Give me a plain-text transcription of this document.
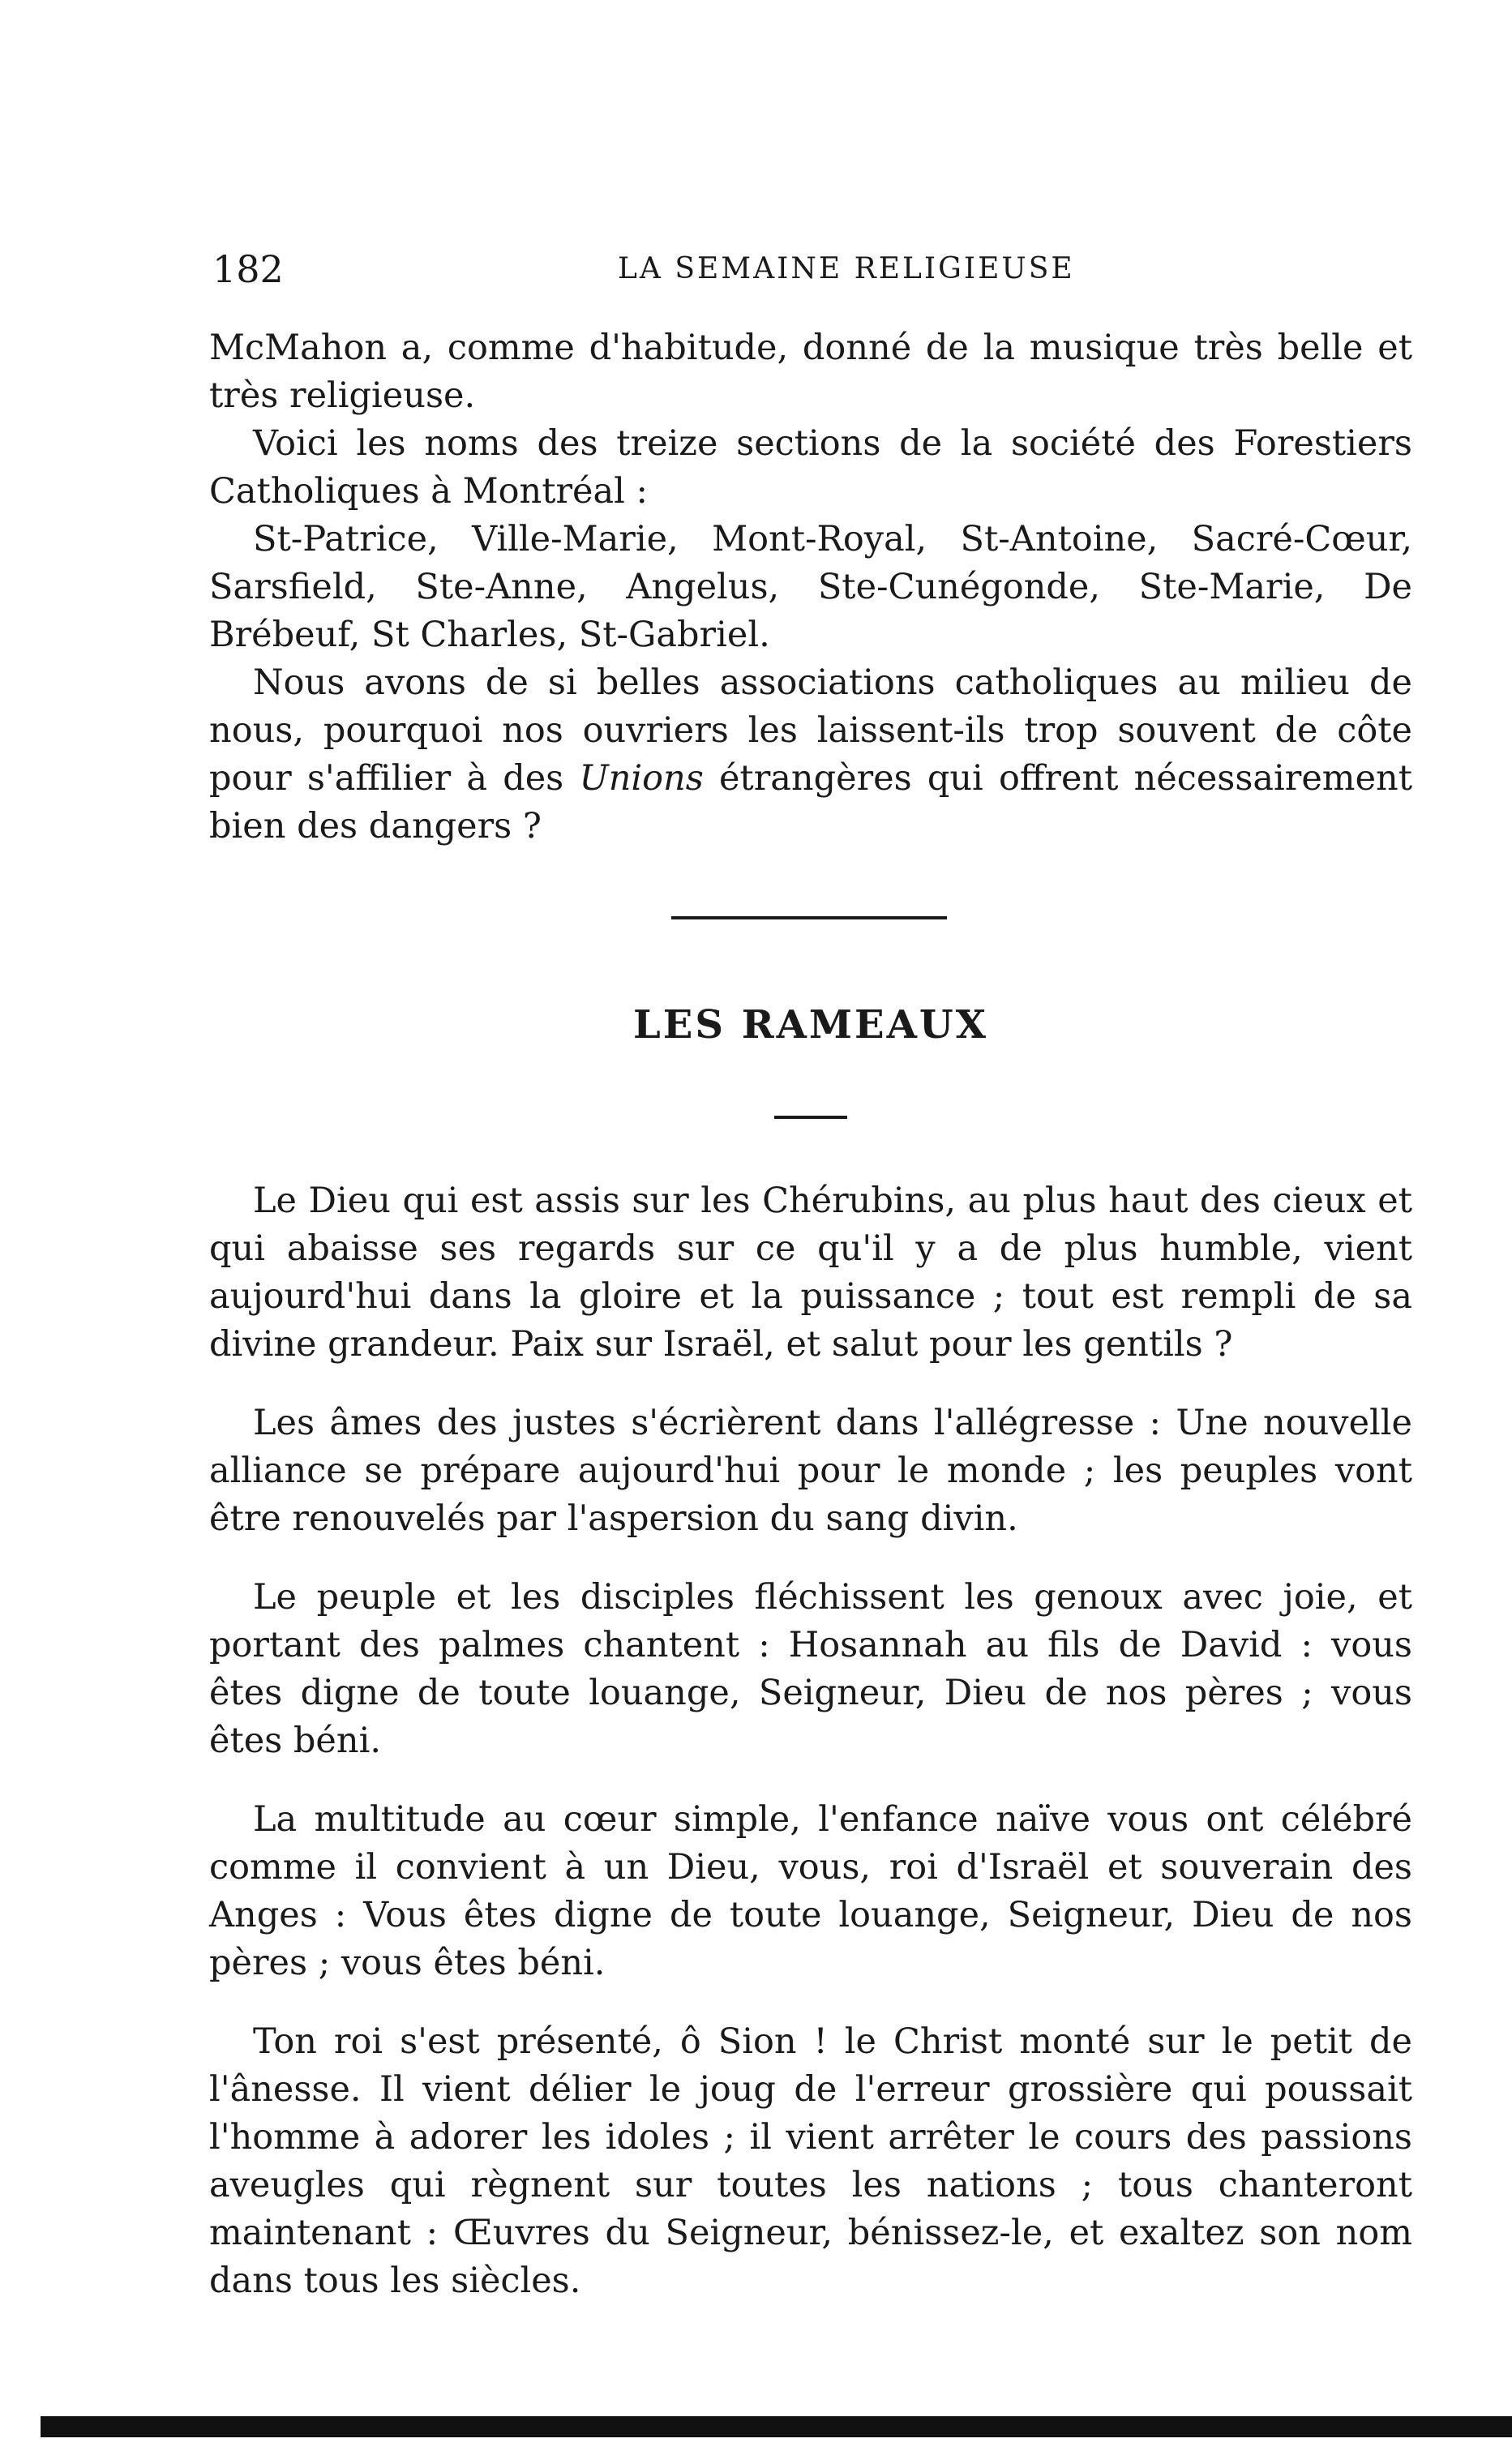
182	LA SEMAINE RELIGIEUSE

McMahon a, comme d'habitude, donné de la musique très belle et très religieuse.

Voici les noms des treize sections de la société des Forestiers Catholiques à Montréal :

St-Patrice, Ville-Marie, Mont-Royal, St-Antoine, Sacré-Cœur, Sarsfield, Ste-Anne, Angelus, Ste-Cunégonde, Ste-Marie, De Brébeuf, St Charles, St-Gabriel.

Nous avons de si belles associations catholiques au milieu de nous, pourquoi nos ouvriers les laissent-ils trop souvent de côte pour s'affilier à des Unions étrangères qui offrent nécessairement bien des dangers ?

LES RAMEAUX

Le Dieu qui est assis sur les Chérubins, au plus haut des cieux et qui abaisse ses regards sur ce qu'il y a de plus humble, vient aujourd'hui dans la gloire et la puissance ; tout est rempli de sa divine grandeur. Paix sur Israël, et salut pour les gentils ?

Les âmes des justes s'écrièrent dans l'allégresse : Une nouvelle alliance se prépare aujourd'hui pour le monde ; les peuples vont être renouvelés par l'aspersion du sang divin.

Le peuple et les disciples fléchissent les genoux avec joie, et portant des palmes chantent : Hosannah au fils de David : vous êtes digne de toute louange, Seigneur, Dieu de nos pères ; vous êtes béni.

La multitude au cœur simple, l'enfance naïve vous ont célébré comme il convient à un Dieu, vous, roi d'Israël et souverain des Anges : Vous êtes digne de toute louange, Seigneur, Dieu de nos pères ; vous êtes béni.

Ton roi s'est présenté, ô Sion ! le Christ monté sur le petit de l'ânesse. Il vient délier le joug de l'erreur grossière qui poussait l'homme à adorer les idoles ; il vient arrêter le cours des passions aveugles qui règnent sur toutes les nations ; tous chanteront maintenant : Œuvres du Seigneur, bénissez-le, et exaltez son nom dans tous les siècles.
